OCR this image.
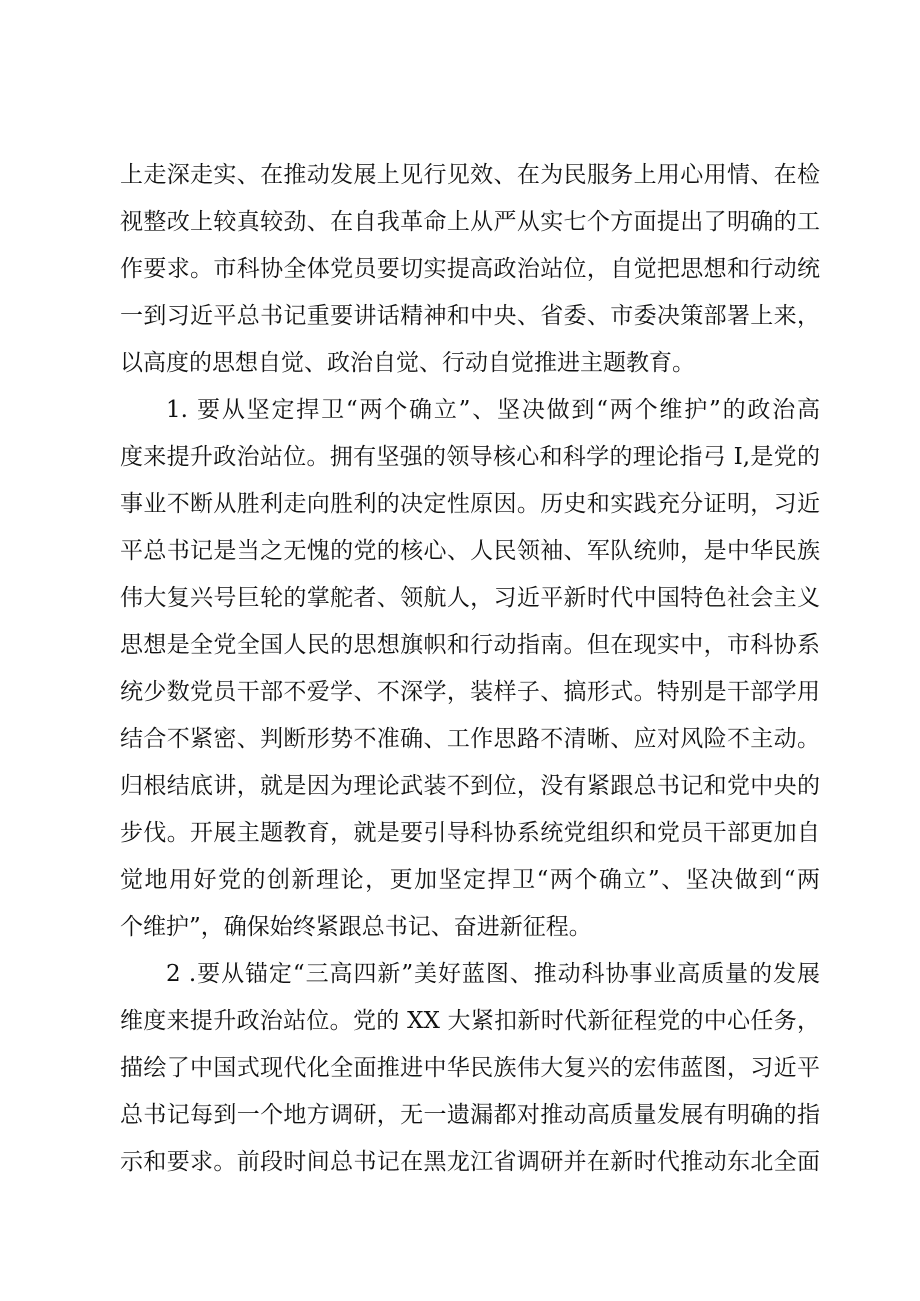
上走深走实、在推动发展上见行见效、在为民服务上用心用情、在检
视整改上较真较劲、在自我革命上从严从实七个方面提出了明确的工
作要求。市科协全体党员要切实提高政治站位，自觉把思想和行动统
一到习近平总书记重要讲话精神和中央、省委、市委决策部署上来，
以高度的思想自觉、政治自觉、行动自觉推进主题教育。
1. 要从坚定捍卫“两个确立”、坚决做到“两个维护”的政治高
度来提升政治站位。拥有坚强的领导核心和科学的理论指弓 I,是党的
事业不断从胜利走向胜利的决定性原因。历史和实践充分证明，习近
平总书记是当之无愧的党的核心、人民领袖、军队统帅，是中华民族
伟大复兴号巨轮的掌舵者、领航人，习近平新时代中国特色社会主义
思想是全党全国人民的思想旗帜和行动指南。但在现实中，市科协系
统少数党员干部不爱学、不深学，装样子、搞形式。特别是干部学用
结合不紧密、判断形势不准确、工作思路不清晰、应对风险不主动。
归根结底讲，就是因为理论武装不到位，没有紧跟总书记和党中央的
步伐。开展主题教育，就是要引导科协系统党组织和党员干部更加自
觉地用好党的创新理论，更加坚定捍卫“两个确立”、坚决做到“两
个维护”，确保始终紧跟总书记、奋进新征程。
2 .要从锚定“三高四新”美好蓝图、推动科协事业高质量的发展
维度来提升政治站位。党的 XX 大紧扣新时代新征程党的中心任务，
描绘了中国式现代化全面推进中华民族伟大复兴的宏伟蓝图，习近平
总书记每到一个地方调研，无一遗漏都对推动高质量发展有明确的指
示和要求。前段时间总书记在黑龙江省调研并在新时代推动东北全面
